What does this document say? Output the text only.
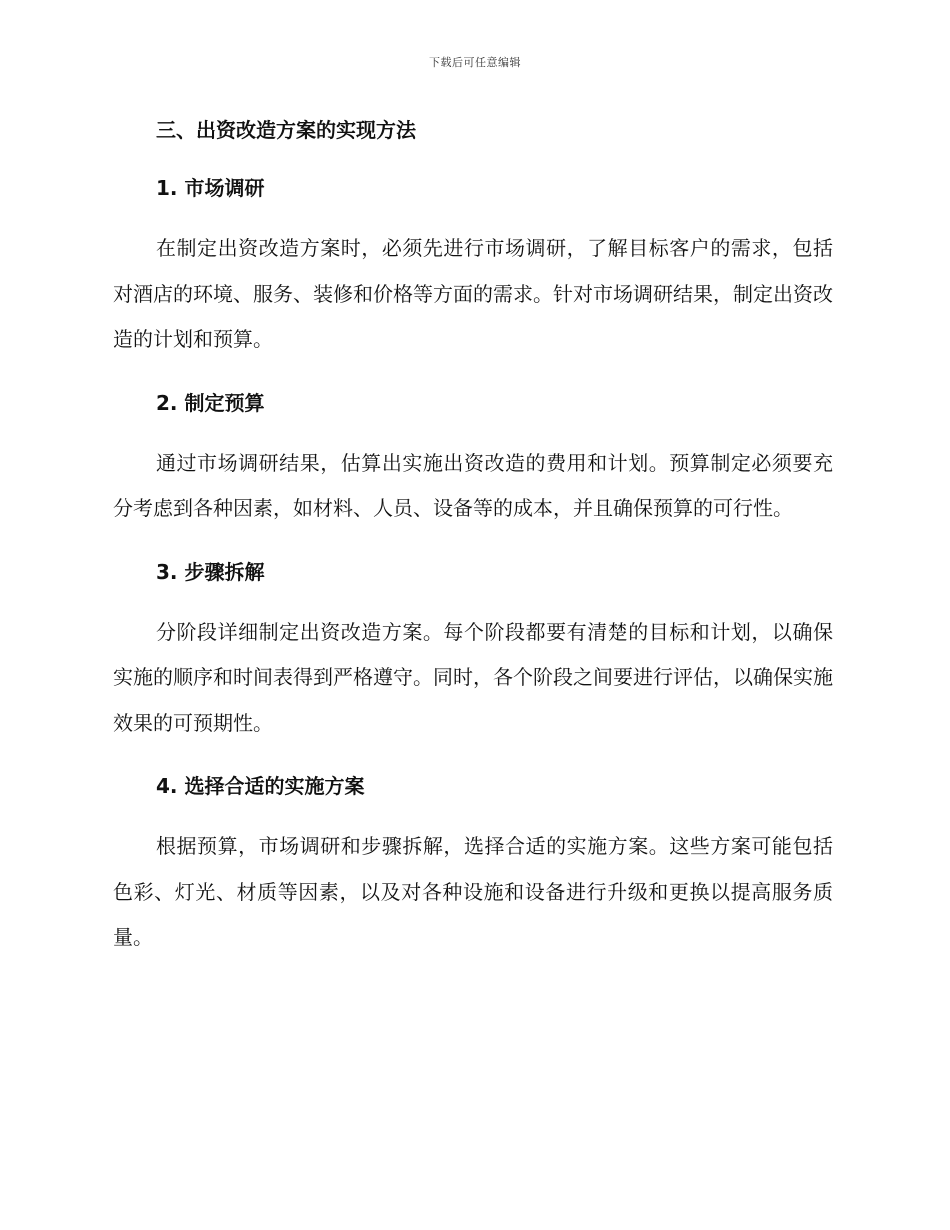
下载后可任意编辑
三、出资改造方案的实现方法
1. 市场调研

在制定出资改造方案时，必须先进行市场调研，了解目标客户的需求，包括对酒店的环境、服务、装修和价格等方面的需求。针对市场调研结果，制定出资改造的计划和预算。

2. 制定预算

通过市场调研结果，估算出实施出资改造的费用和计划。预算制定必须要充分考虑到各种因素，如材料、人员、设备等的成本，并且确保预算的可行性。

3. 步骤拆解

分阶段详细制定出资改造方案。每个阶段都要有清楚的目标和计划，以确保实施的顺序和时间表得到严格遵守。同时，各个阶段之间要进行评估，以确保实施效果的可预期性。

4. 选择合适的实施方案

根据预算，市场调研和步骤拆解，选择合适的实施方案。这些方案可能包括色彩、灯光、材质等因素，以及对各种设施和设备进行升级和更换以提高服务质量。
